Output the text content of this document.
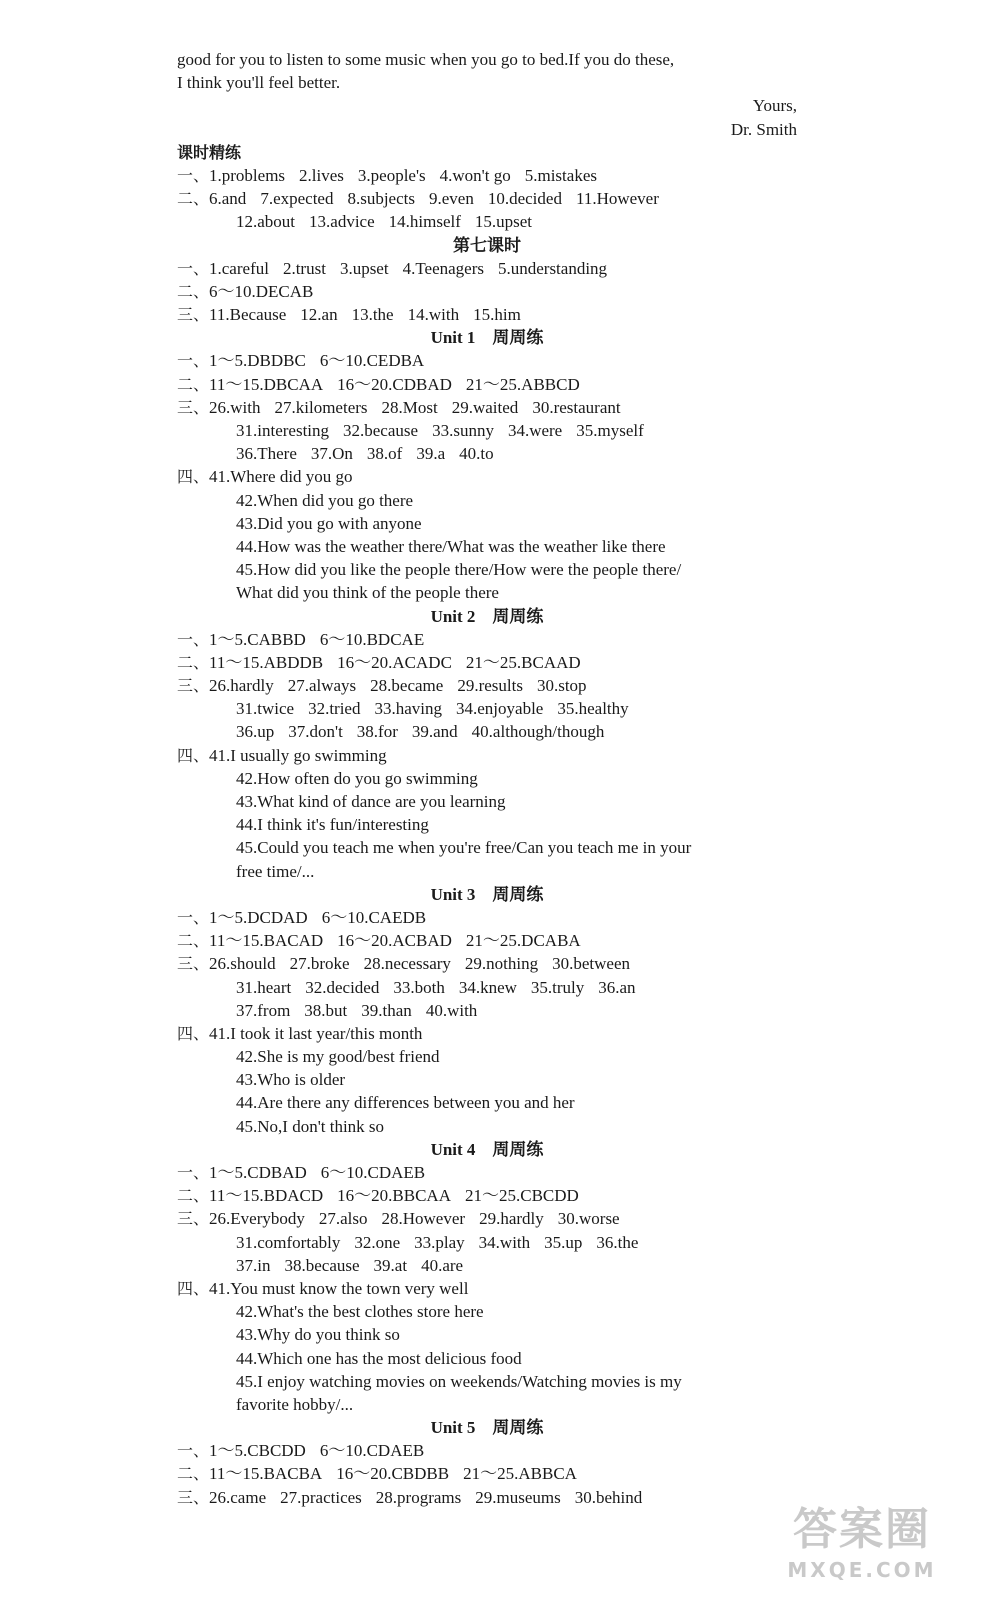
good for you to listen to some music when you go to bed.If you do these,
I think you'll feel better.
Yours,
Dr. Smith
课时精练
一、1.problems 2.lives 3.people's 4.won't go 5.mistakes
二、6.and 7.expected 8.subjects 9.even 10.decided 11.However
12.about 13.advice 14.himself 15.upset
第七课时
一、1.careful 2.trust 3.upset 4.Teenagers 5.understanding
二、6～10.DECAB
三、11.Because 12.an 13.the 14.with 15.him
Unit 1　周周练
一、1～5.DBDBC 6～10.CEDBA
二、11～15.DBCAA 16～20.CDBAD 21～25.ABBCD
三、26.with 27.kilometers 28.Most 29.waited 30.restaurant
31.interesting 32.because 33.sunny 34.were 35.myself
36.There 37.On 38.of 39.a 40.to
四、41.Where did you go
42.When did you go there
43.Did you go with anyone
44.How was the weather there/What was the weather like there
45.How did you like the people there/How were the people there/
What did you think of the people there
Unit 2　周周练
一、1～5.CABBD 6～10.BDCAE
二、11～15.ABDDB 16～20.ACADC 21～25.BCAAD
三、26.hardly 27.always 28.became 29.results 30.stop
31.twice 32.tried 33.having 34.enjoyable 35.healthy
36.up 37.don't 38.for 39.and 40.although/though
四、41.I usually go swimming
42.How often do you go swimming
43.What kind of dance are you learning
44.I think it's fun/interesting
45.Could you teach me when you're free/Can you teach me in your
free time/...
Unit 3　周周练
一、1～5.DCDAD 6～10.CAEDB
二、11～15.BACAD 16～20.ACBAD 21～25.DCABA
三、26.should 27.broke 28.necessary 29.nothing 30.between
31.heart 32.decided 33.both 34.knew 35.truly 36.an
37.from 38.but 39.than 40.with
四、41.I took it last year/this month
42.She is my good/best friend
43.Who is older
44.Are there any differences between you and her
45.No,I don't think so
Unit 4　周周练
一、1～5.CDBAD 6～10.CDAEB
二、11～15.BDACD 16～20.BBCAA 21～25.CBCDD
三、26.Everybody 27.also 28.However 29.hardly 30.worse
31.comfortably 32.one 33.play 34.with 35.up 36.the
37.in 38.because 39.at 40.are
四、41.You must know the town very well
42.What's the best clothes store here
43.Why do you think so
44.Which one has the most delicious food
45.I enjoy watching movies on weekends/Watching movies is my
favorite hobby/...
Unit 5　周周练
一、1～5.CBCDD 6～10.CDAEB
二、11～15.BACBA 16～20.CBDBB 21～25.ABBCA
三、26.came 27.practices 28.programs 29.museums 30.behind
答案圈
MXQE.COM
